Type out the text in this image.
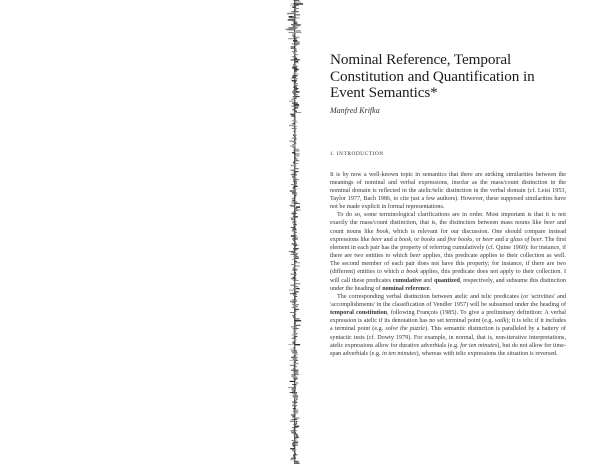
Nominal Reference, Temporal Constitution and Quantification in Event Semantics*
Manfred Krifka
1. INTRODUCTION

It is by now a well-known topic in semantics that there are striking similarities between the meanings of nominal and verbal expressions, insofar as the mass/count distinction in the nominal domain is reflected in the atelic/telic distinction in the verbal domain (cf. Leisi 1953, Taylor 1977, Bach 1986, to cite just a few authors). However, these supposed similarities have not be made explicit in formal representations.

To do so, some terminological clarifications are in order. Most important is that it is not exactly the mass/count distinction, that is, the distinction between mass nouns like beer and count nouns like book, which is relevant for our discussion. One should compare instead expressions like beer and a book, or books and five books, or beer and a glass of beer. The first element in each pair has the property of referring cumulatively (cf. Quine 1960): for instance, if there are two entities to which beer applies, this predicate applies to their collection as well. The second member of each pair does not have this property; for instance, if there are two (different) entities to which a book applies, this predicate does not apply to their collection. I will call these predicates cumulative and quantized, respectively, and subsume this distinction under the heading of nominal reference.

The corresponding verbal distinction between atelic and telic predicates (or 'activities' and 'accomplishments' in the classification of Vendler 1957) will be subsumed under the heading of temporal constitution, following François (1985). To give a preliminary definition: A verbal expression is atelic if its denotation has no set terminal point (e.g. walk); it is telic if it includes a terminal point (e.g. solve the puzzle). This semantic distinction is paralleled by a battery of syntactic tests (cf. Dowty 1979). For example, in normal, that is, non-iterative interpretations, atelic expressions allow for durative adverbials (e.g. for ten minutes), but do not allow for time-span adverbials (e.g. in ten minutes), whereas with telic expressions the situation is reversed.
